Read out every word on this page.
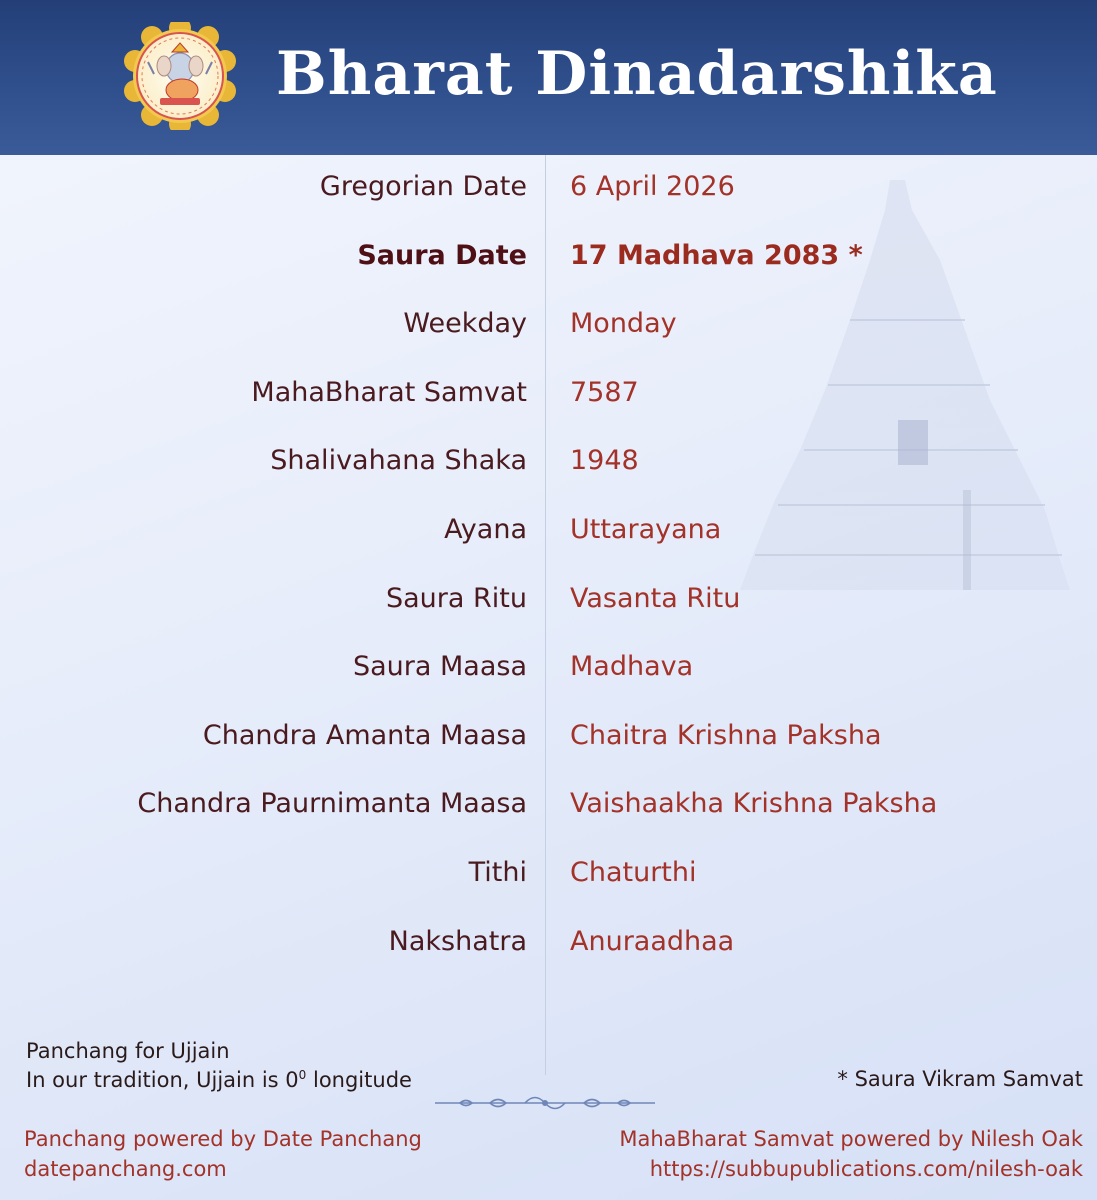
Bharat Dinadarshika
Gregorian Date 6 April 2026
Saura Date 17 Madhava 2083 *
Weekday Monday
MahaBharat Samvat 7587
Shalivahana Shaka 1948
Ayana Uttarayana
Saura Ritu Vasanta Ritu
Saura Maasa Madhava
Chandra Amanta Maasa Chaitra Krishna Paksha
Chandra Paurnimanta Maasa Vaishaakha Krishna Paksha
Tithi Chaturthi
Nakshatra Anuraadhaa
Panchang for Ujjain
In our tradition, Ujjain is $0^0$ longitude	* Saura Vikram Samvat
Panchang powered by Date Panchang
datepanchang.com
MahaBharat Samvat powered by Nilesh Oak
https://subbupublications.com/nilesh-oak
